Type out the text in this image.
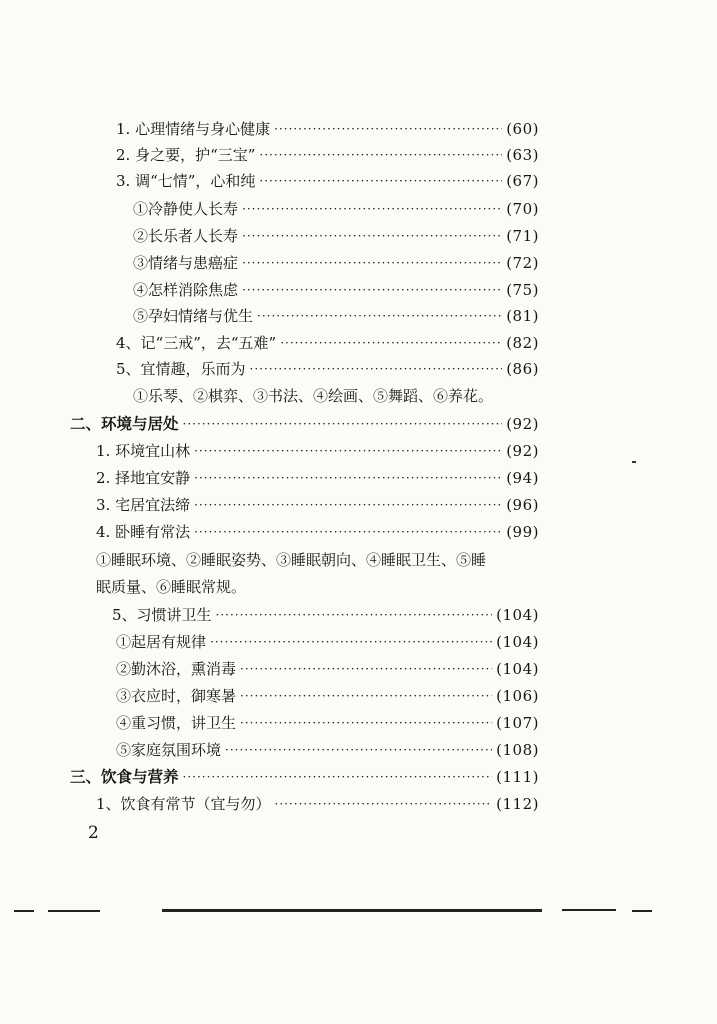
1. 心理情绪与身心健康 ·····	(60)
2. 身之要，护“三宝” ·····	(63)
3. 调“七情”，心和纯 ·····	(67)
①冷静使人长寿 ·····	(70)
②长乐者人长寿 ·····	(71)
③情绪与患癌症 ·····	(72)
④怎样消除焦虑 ·····	(75)
⑤孕妇情绪与优生 ·····	(81)
4、记“三戒”，去“五难” ·····	(82)
5、宜情趣，乐而为 ·····	(86)
①乐琴、②棋弈、③书法、④绘画、⑤舞蹈、⑥养花。
二、环境与居处 ·····	(92)
1. 环境宜山林 ·····	(92)
2. 择地宜安静 ·····	(94)
3. 宅居宜法缔 ·····	(96)
4. 卧睡有常法 ·····	(99)
①睡眠环境、②睡眠姿势、③睡眠朝向、④睡眠卫生、⑤睡
眠质量、⑥睡眠常规。
5、习惯讲卫生 ·····	(104)
①起居有规律 ·····	(104)
②勤沐浴，熏消毒 ·····	(104)
③衣应时，御寒暑 ·····	(106)
④重习惯，讲卫生 ·····	(107)
⑤家庭氛围环境 ·····	(108)
三、饮食与营养 ·····	(111)
1、饮食有常节（宜与勿） ·····	(112)
2
